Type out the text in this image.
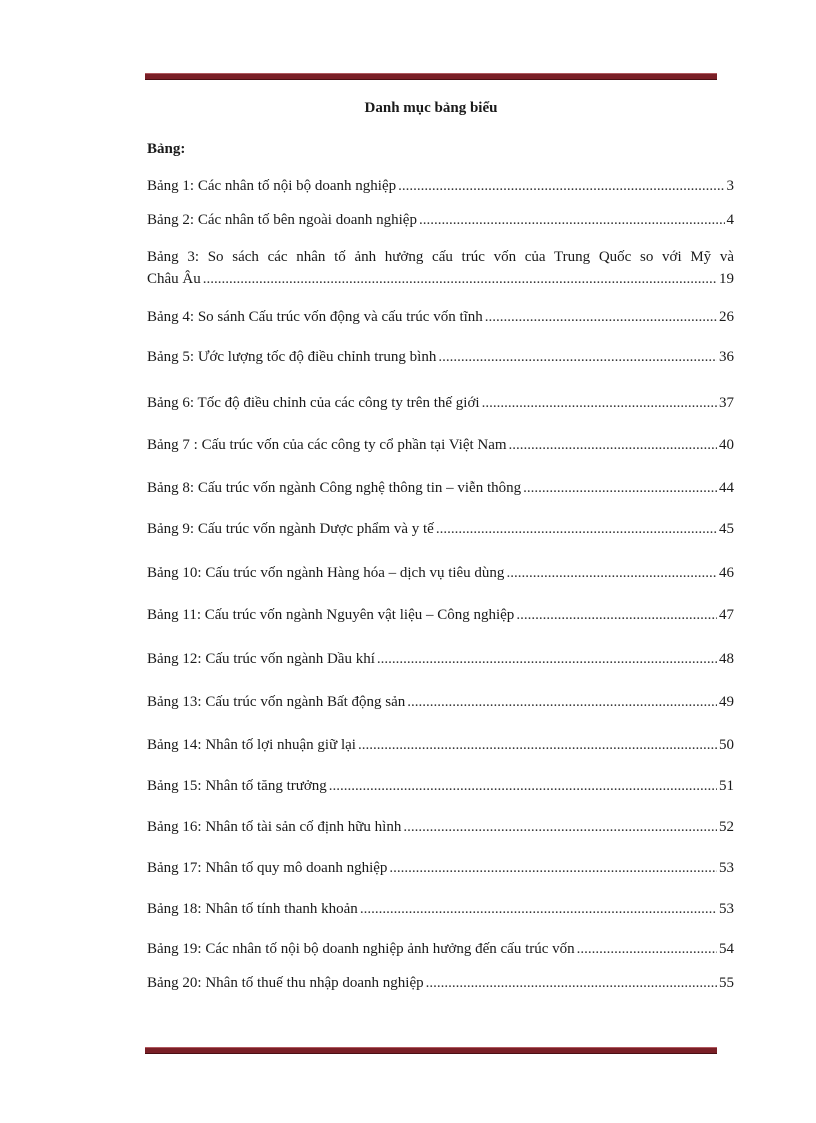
Danh mục bảng biểu
Bảng:
Bảng 1: Các nhân tố nội bộ doanh nghiệp .....	3
Bảng 2: Các nhân tố bên ngoài doanh nghiệp .....	4
Bảng 3: So sách các nhân tố ảnh hưởng cấu trúc vốn của Trung Quốc so với Mỹ và
Châu Âu .....	19
Bảng 4: So sánh Cấu trúc vốn động và cấu trúc vốn tĩnh .....	26
Bảng 5: Ước lượng tốc độ điều chỉnh trung bình .....	36
Bảng 6: Tốc độ điều chỉnh của các công ty trên thế giới .....	37
Bảng 7 : Cấu trúc vốn của các công ty cổ phần tại Việt Nam .....	40
Bảng 8: Cấu trúc vốn ngành Công nghệ thông tin – viễn thông .....	44
Bảng 9: Cấu trúc vốn ngành Dược phẩm và y tế .....	45
Bảng 10: Cấu trúc vốn ngành Hàng hóa – dịch vụ tiêu dùng .....	46
Bảng 11: Cấu trúc vốn ngành Nguyên vật liệu – Công nghiệp .....	47
Bảng 12: Cấu trúc vốn ngành Dầu khí .....	48
Bảng 13: Cấu trúc vốn ngành Bất động sản .....	49
Bảng 14: Nhân tố lợi nhuận giữ lại .....	50
Bảng 15: Nhân tố tăng trưởng .....	51
Bảng 16: Nhân tố tài sản cố định hữu hình .....	52
Bảng 17: Nhân tố quy mô doanh nghiệp .....	53
Bảng 18: Nhân tố tính thanh khoản .....	53
Bảng 19: Các nhân tố nội bộ doanh nghiệp ảnh hưởng đến cấu trúc vốn .....	54
Bảng 20: Nhân tố thuế thu nhập doanh nghiệp .....	55
